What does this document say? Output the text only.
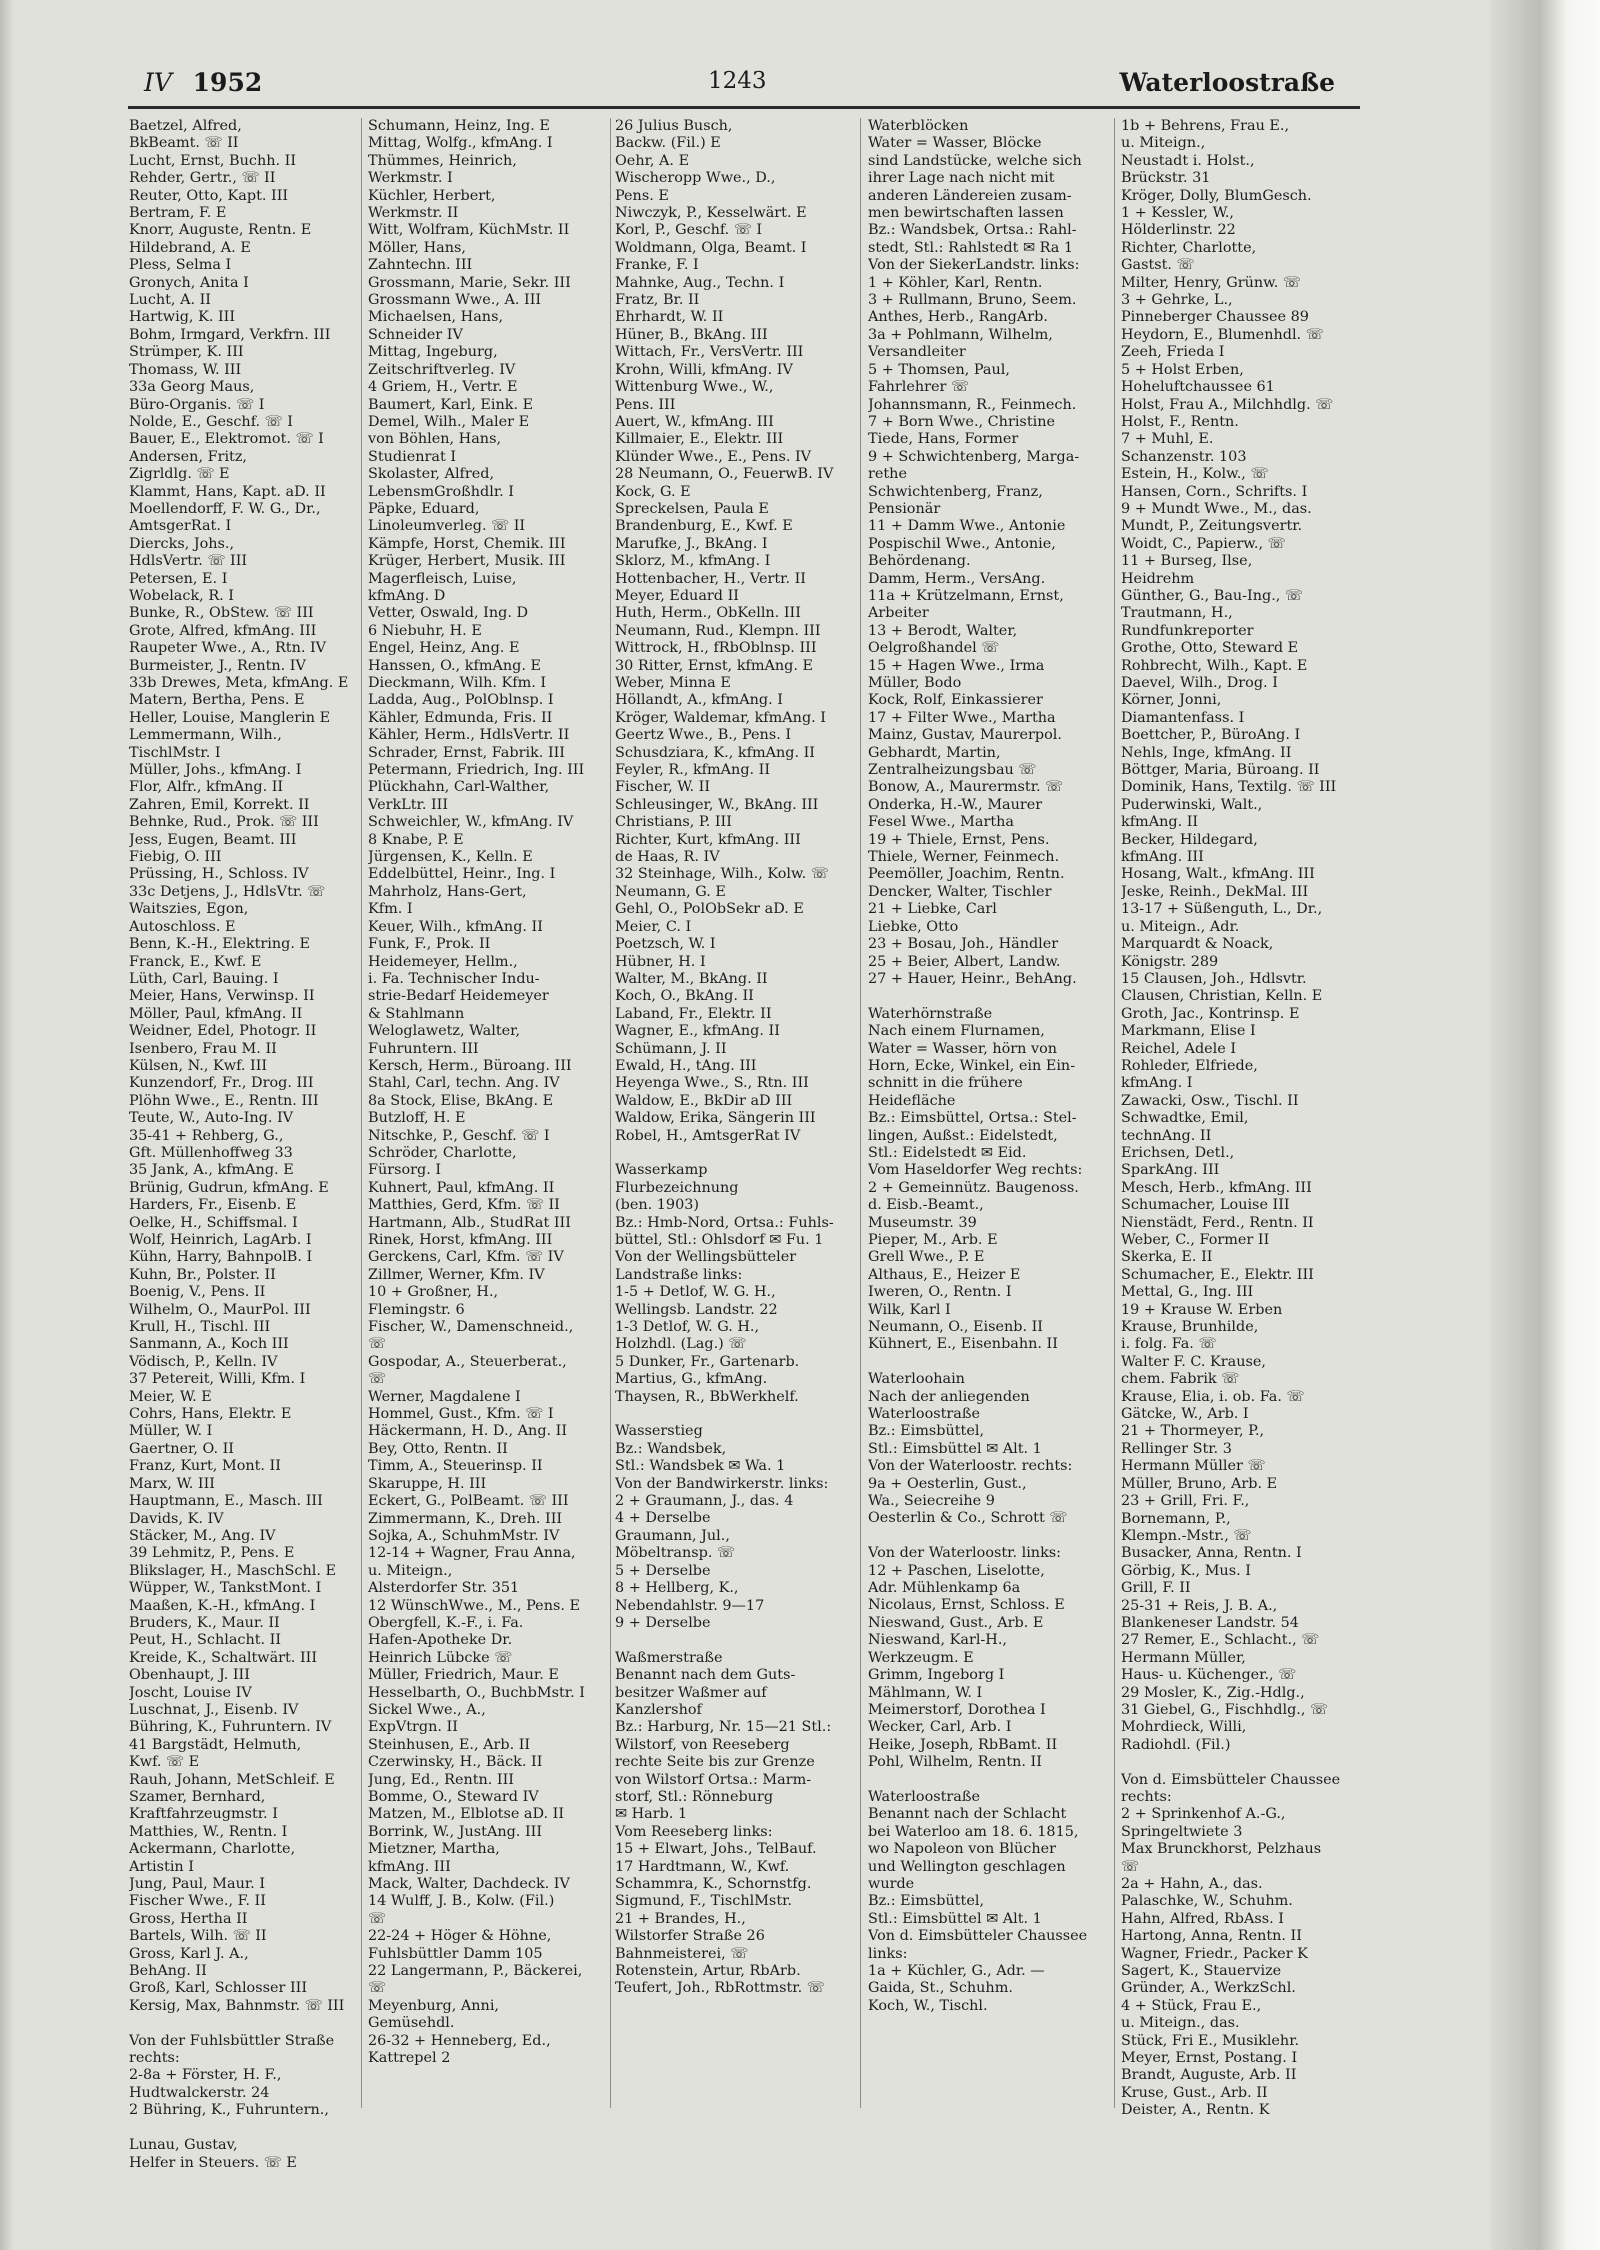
IV 1952	1243	Waterloostraße
Baetzel, Alfred,
BkBeamt. ☏ II
Lucht, Ernst, Buchh. II
Rehder, Gertr., ☏ II
Reuter, Otto, Kapt. III
Bertram, F. E
Knorr, Auguste, Rentn. E
Hildebrand, A. E
Pless, Selma I
Gronych, Anita I
Lucht, A. II
Hartwig, K. III
Bohm, Irmgard, Verkfrn. III
Strümper, K. III
Thomass, W. III
33a Georg Maus,
Büro-Organis. ☏ I
Nolde, E., Geschf. ☏ I
Bauer, E., Elektromot. ☏ I
Andersen, Fritz,
Zigrldlg. ☏ E
Klammt, Hans, Kapt. aD. II
Moellendorff, F. W. G., Dr.,
AmtsgerRat. I
Diercks, Johs.,
HdlsVertr. ☏ III
Petersen, E. I
Wobelack, R. I
Bunke, R., ObStew. ☏ III
Grote, Alfred, kfmAng. III
Raupeter Wwe., A., Rtn. IV
Burmeister, J., Rentn. IV
33b Drewes, Meta, kfmAng. E
Matern, Bertha, Pens. E
Heller, Louise, Manglerin E
Lemmermann, Wilh.,
TischlMstr. I
Müller, Johs., kfmAng. I
Flor, Alfr., kfmAng. II
Zahren, Emil, Korrekt. II
Behnke, Rud., Prok. ☏ III
Jess, Eugen, Beamt. III
Fiebig, O. III
Prüssing, H., Schloss. IV
33c Detjens, J., HdlsVtr. ☏
Waitszies, Egon,
Autoschloss. E
Benn, K.-H., Elektring. E
Franck, E., Kwf. E
Lüth, Carl, Bauing. I
Meier, Hans, Verwinsp. II
Möller, Paul, kfmAng. II
Weidner, Edel, Photogr. II
Isenbero, Frau M. II
Külsen, N., Kwf. III
Kunzendorf, Fr., Drog. III
Plöhn Wwe., E., Rentn. III
Teute, W., Auto-Ing. IV
35-41 + Rehberg, G.,
Gft. Müllenhoffweg 33
35 Jank, A., kfmAng. E
Brünig, Gudrun, kfmAng. E
Harders, Fr., Eisenb. E
Oelke, H., Schiffsmal. I
Wolf, Heinrich, LagArb. I
Kühn, Harry, BahnpolB. I
Kuhn, Br., Polster. II
Boenig, V., Pens. II
Wilhelm, O., MaurPol. III
Krull, H., Tischl. III
Sanmann, A., Koch III
Vödisch, P., Kelln. IV
37 Petereit, Willi, Kfm. I
Meier, W. E
Cohrs, Hans, Elektr. E
Müller, W. I
Gaertner, O. II
Franz, Kurt, Mont. II
Marx, W. III
Hauptmann, E., Masch. III
Davids, K. IV
Stäcker, M., Ang. IV
39 Lehmitz, P., Pens. E
Blikslager, H., MaschSchl. E
Wüpper, W., TankstMont. I
Maaßen, K.-H., kfmAng. I
Bruders, K., Maur. II
Peut, H., Schlacht. II
Kreide, K., Schaltwärt. III
Obenhaupt, J. III
Joscht, Louise IV
Luschnat, J., Eisenb. IV
Bühring, K., Fuhruntern. IV
41 Bargstädt, Helmuth,
Kwf. ☏ E
Rauh, Johann, MetSchleif. E
Szamer, Bernhard,
Kraftfahrzeugmstr. I
Matthies, W., Rentn. I
Ackermann, Charlotte,
Artistin I
Jung, Paul, Maur. I
Fischer Wwe., F. II
Gross, Hertha II
Bartels, Wilh. ☏ II
Gross, Karl J. A.,
BehAng. II
Groß, Karl, Schlosser III
Kersig, Max, Bahnmstr. ☏ III
Von der Fuhlsbüttler Straße
rechts:
2-8a + Förster, H. F.,
Hudtwalckerstr. 24
2 Bühring, K., Fuhruntern.,
Lunau, Gustav,
Helfer in Steuers. ☏ E
Schumann, Heinz, Ing. E
Mittag, Wolfg., kfmAng. I
Thümmes, Heinrich,
Werkmstr. I
Küchler, Herbert,
Werkmstr. II
Witt, Wolfram, KüchMstr. II
Möller, Hans,
Zahntechn. III
Grossmann, Marie, Sekr. III
Grossmann Wwe., A. III
Michaelsen, Hans,
Schneider IV
Mittag, Ingeburg,
Zeitschriftverleg. IV
4 Griem, H., Vertr. E
Baumert, Karl, Eink. E
Demel, Wilh., Maler E
von Böhlen, Hans,
Studienrat I
Skolaster, Alfred,
LebensmGroßhdlr. I
Päpke, Eduard,
Linoleumverleg. ☏ II
Kämpfe, Horst, Chemik. III
Krüger, Herbert, Musik. III
Magerfleisch, Luise,
kfmAng. D
Vetter, Oswald, Ing. D
6 Niebuhr, H. E
Engel, Heinz, Ang. E
Hanssen, O., kfmAng. E
Dieckmann, Wilh. Kfm. I
Ladda, Aug., PolOblnsp. I
Kähler, Edmunda, Fris. II
Kähler, Herm., HdlsVertr. II
Schrader, Ernst, Fabrik. III
Petermann, Friedrich, Ing. III
Plückhahn, Carl-Walther,
VerkLtr. III
Schweichler, W., kfmAng. IV
8 Knabe, P. E
Jürgensen, K., Kelln. E
Eddelbüttel, Heinr., Ing. I
Mahrholz, Hans-Gert,
Kfm. I
Keuer, Wilh., kfmAng. II
Funk, F., Prok. II
Heidemeyer, Hellm.,
i. Fa. Technischer Indu-
strie-Bedarf Heidemeyer
& Stahlmann
Weloglawetz, Walter,
Fuhruntern. III
Kersch, Herm., Büroang. III
Stahl, Carl, techn. Ang. IV
8a Stock, Elise, BkAng. E
Butzloff, H. E
Nitschke, P., Geschf. ☏ I
Schröder, Charlotte,
Fürsorg. I
Kuhnert, Paul, kfmAng. II
Matthies, Gerd, Kfm. ☏ II
Hartmann, Alb., StudRat III
Rinek, Horst, kfmAng. III
Gerckens, Carl, Kfm. ☏ IV
Zillmer, Werner, Kfm. IV
10 + Großner, H.,
Flemingstr. 6
Fischer, W., Damenschneid.,
☏
Gospodar, A., Steuerberat.,
☏
Werner, Magdalene I
Hommel, Gust., Kfm. ☏ I
Häckermann, H. D., Ang. II
Bey, Otto, Rentn. II
Timm, A., Steuerinsp. II
Skaruppe, H. III
Eckert, G., PolBeamt. ☏ III
Zimmermann, K., Dreh. III
Sojka, A., SchuhmMstr. IV
12-14 + Wagner, Frau Anna,
u. Miteign.,
Alsterdorfer Str. 351
12 WünschWwe., M., Pens. E
Obergfell, K.-F., i. Fa.
Hafen-Apotheke Dr.
Heinrich Lübcke ☏
Müller, Friedrich, Maur. E
Hesselbarth, O., BuchbMstr. I
Sickel Wwe., A.,
ExpVtrgn. II
Steinhusen, E., Arb. II
Czerwinsky, H., Bäck. II
Jung, Ed., Rentn. III
Bomme, O., Steward IV
Matzen, M., Elblotse aD. II
Borrink, W., JustAng. III
Mietzner, Martha,
kfmAng. III
Mack, Walter, Dachdeck. IV
14 Wulff, J. B., Kolw. (Fil.)
☏
22-24 + Höger & Höhne,
Fuhlsbüttler Damm 105
22 Langermann, P., Bäckerei,
☏
Meyenburg, Anni,
Gemüsehdl.
26-32 + Henneberg, Ed.,
Kattrepel 2
26 Julius Busch,
Backw. (Fil.) E
Oehr, A. E
Wischeropp Wwe., D.,
Pens. E
Niwczyk, P., Kesselwärt. E
Korl, P., Geschf. ☏ I
Woldmann, Olga, Beamt. I
Franke, F. I
Mahnke, Aug., Techn. I
Fratz, Br. II
Ehrhardt, W. II
Hüner, B., BkAng. III
Wittach, Fr., VersVertr. III
Krohn, Willi, kfmAng. IV
Wittenburg Wwe., W.,
Pens. III
Auert, W., kfmAng. III
Killmaier, E., Elektr. III
Klünder Wwe., E., Pens. IV
28 Neumann, O., FeuerwB. IV
Kock, G. E
Spreckelsen, Paula E
Brandenburg, E., Kwf. E
Marufke, J., BkAng. I
Sklorz, M., kfmAng. I
Hottenbacher, H., Vertr. II
Meyer, Eduard II
Huth, Herm., ObKelln. III
Neumann, Rud., Klempn. III
Wittrock, H., fRbOblnsp. III
30 Ritter, Ernst, kfmAng. E
Weber, Minna E
Höllandt, A., kfmAng. I
Kröger, Waldemar, kfmAng. I
Geertz Wwe., B., Pens. I
Schusdziara, K., kfmAng. II
Feyler, R., kfmAng. II
Fischer, W. II
Schleusinger, W., BkAng. III
Christians, P. III
Richter, Kurt, kfmAng. III
de Haas, R. IV
32 Steinhage, Wilh., Kolw. ☏
Neumann, G. E
Gehl, O., PolObSekr aD. E
Meier, C. I
Poetzsch, W. I
Hübner, H. I
Walter, M., BkAng. II
Koch, O., BkAng. II
Laband, Fr., Elektr. II
Wagner, E., kfmAng. II
Schümann, J. II
Ewald, H., tAng. III
Heyenga Wwe., S., Rtn. III
Waldow, E., BkDir aD III
Waldow, Erika, Sängerin III
Robel, H., AmtsgerRat IV
Wasserkamp
Flurbezeichnung
(ben. 1903)
Bz.: Hmb-Nord, Ortsa.: Fuhls-
büttel, Stl.: Ohlsdorf ✉ Fu. 1
Von der Wellingsbütteler
Landstraße links:
1-5 + Detlof, W. G. H.,
Wellingsb. Landstr. 22
1-3 Detlof, W. G. H.,
Holzhdl. (Lag.) ☏
5 Dunker, Fr., Gartenarb.
Martius, G., kfmAng.
Thaysen, R., BbWerkhelf.
Wasserstieg
Bz.: Wandsbek,
Stl.: Wandsbek ✉ Wa. 1
Von der Bandwirkerstr. links:
2 + Graumann, J., das. 4
4 + Derselbe
Graumann, Jul.,
Möbeltransp. ☏
5 + Derselbe
8 + Hellberg, K.,
Nebendahlstr. 9—17
9 + Derselbe
Waßmerstraße
Benannt nach dem Guts-
besitzer Waßmer auf
Kanzlershof
Bz.: Harburg, Nr. 15—21 Stl.:
Wilstorf, von Reeseberg
rechte Seite bis zur Grenze
von Wilstorf Ortsa.: Marm-
storf, Stl.: Rönneburg
✉ Harb. 1
Vom Reeseberg links:
15 + Elwart, Johs., TelBauf.
17 Hardtmann, W., Kwf.
Schammra, K., Schornstfg.
Sigmund, F., TischlMstr.
21 + Brandes, H.,
Wilstorfer Straße 26
Bahnmeisterei, ☏
Rotenstein, Artur, RbArb.
Teufert, Joh., RbRottmstr. ☏
Waterblöcken
Water = Wasser, Blöcke
sind Landstücke, welche sich
ihrer Lage nach nicht mit
anderen Ländereien zusam-
men bewirtschaften lassen
Bz.: Wandsbek, Ortsa.: Rahl-
stedt, Stl.: Rahlstedt ✉ Ra 1
Von der SiekerLandstr. links:
1 + Köhler, Karl, Rentn.
3 + Rullmann, Bruno, Seem.
Anthes, Herb., RangArb.
3a + Pohlmann, Wilhelm,
Versandleiter
5 + Thomsen, Paul,
Fahrlehrer ☏
Johannsmann, R., Feinmech.
7 + Born Wwe., Christine
Tiede, Hans, Former
9 + Schwichtenberg, Marga-
rethe
Schwichtenberg, Franz,
Pensionär
11 + Damm Wwe., Antonie
Pospischil Wwe., Antonie,
Behördenang.
Damm, Herm., VersAng.
11a + Krützelmann, Ernst,
Arbeiter
13 + Berodt, Walter,
Oelgroßhandel ☏
15 + Hagen Wwe., Irma
Müller, Bodo
Kock, Rolf, Einkassierer
17 + Filter Wwe., Martha
Mainz, Gustav, Maurerpol.
Gebhardt, Martin,
Zentralheizungsbau ☏
Bonow, A., Maurermstr. ☏
Onderka, H.-W., Maurer
Fesel Wwe., Martha
19 + Thiele, Ernst, Pens.
Thiele, Werner, Feinmech.
Peemöller, Joachim, Rentn.
Dencker, Walter, Tischler
21 + Liebke, Carl
Liebke, Otto
23 + Bosau, Joh., Händler
25 + Beier, Albert, Landw.
27 + Hauer, Heinr., BehAng.
Waterhörnstraße
Nach einem Flurnamen,
Water = Wasser, hörn von
Horn, Ecke, Winkel, ein Ein-
schnitt in die frühere
Heidefläche
Bz.: Eimsbüttel, Ortsa.: Stel-
lingen, Außst.: Eidelstedt,
Stl.: Eidelstedt ✉ Eid.
Vom Haseldorfer Weg rechts:
2 + Gemeinnütz. Baugenoss.
d. Eisb.-Beamt.,
Museumstr. 39
Pieper, M., Arb. E
Grell Wwe., P. E
Althaus, E., Heizer E
Iweren, O., Rentn. I
Wilk, Karl I
Neumann, O., Eisenb. II
Kühnert, E., Eisenbahn. II
Waterloohain
Nach der anliegenden
Waterloostraße
Bz.: Eimsbüttel,
Stl.: Eimsbüttel ✉ Alt. 1
Von der Waterloostr. rechts:
9a + Oesterlin, Gust.,
Wa., Seiecreihe 9
Oesterlin & Co., Schrott ☏
Von der Waterloostr. links:
12 + Paschen, Liselotte,
Adr. Mühlenkamp 6a
Nicolaus, Ernst, Schloss. E
Nieswand, Gust., Arb. E
Nieswand, Karl-H.,
Werkzeugm. E
Grimm, Ingeborg I
Mählmann, W. I
Meimerstorf, Dorothea I
Wecker, Carl, Arb. I
Heike, Joseph, RbBamt. II
Pohl, Wilhelm, Rentn. II
Waterloostraße
Benannt nach der Schlacht
bei Waterloo am 18. 6. 1815,
wo Napoleon von Blücher
und Wellington geschlagen
wurde
Bz.: Eimsbüttel,
Stl.: Eimsbüttel ✉ Alt. 1
Von d. Eimsbütteler Chaussee
links:
1a + Küchler, G., Adr. —
Gaida, St., Schuhm.
Koch, W., Tischl.
1b + Behrens, Frau E.,
u. Miteign.,
Neustadt i. Holst.,
Brückstr. 31
Kröger, Dolly, BlumGesch.
1 + Kessler, W.,
Hölderlinstr. 22
Richter, Charlotte,
Gastst. ☏
Milter, Henry, Grünw. ☏
3 + Gehrke, L.,
Pinneberger Chaussee 89
Heydorn, E., Blumenhdl. ☏
Zeeh, Frieda I
5 + Holst Erben,
Hoheluftchaussee 61
Holst, Frau A., Milchhdlg. ☏
Holst, F., Rentn.
7 + Muhl, E.
Schanzenstr. 103
Estein, H., Kolw., ☏
Hansen, Corn., Schrifts. I
9 + Mundt Wwe., M., das.
Mundt, P., Zeitungsvertr.
Woidt, C., Papierw., ☏
11 + Burseg, Ilse,
Heidrehm
Günther, G., Bau-Ing., ☏
Trautmann, H.,
Rundfunkreporter
Grothe, Otto, Steward E
Rohbrecht, Wilh., Kapt. E
Daevel, Wilh., Drog. I
Körner, Jonni,
Diamantenfass. I
Boettcher, P., BüroAng. I
Nehls, Inge, kfmAng. II
Böttger, Maria, Büroang. II
Dominik, Hans, Textilg. ☏ III
Puderwinski, Walt.,
kfmAng. II
Becker, Hildegard,
kfmAng. III
Hosang, Walt., kfmAng. III
Jeske, Reinh., DekMal. III
13-17 + Süßenguth, L., Dr.,
u. Miteign., Adr.
Marquardt & Noack,
Königstr. 289
15 Clausen, Joh., Hdlsvtr.
Clausen, Christian, Kelln. E
Groth, Jac., Kontrinsp. E
Markmann, Elise I
Reichel, Adele I
Rohleder, Elfriede,
kfmAng. I
Zawacki, Osw., Tischl. II
Schwadtke, Emil,
technAng. II
Erichsen, Detl.,
SparkAng. III
Mesch, Herb., kfmAng. III
Schumacher, Louise III
Nienstädt, Ferd., Rentn. II
Weber, C., Former II
Skerka, E. II
Schumacher, E., Elektr. III
Mettal, G., Ing. III
19 + Krause W. Erben
Krause, Brunhilde,
i. folg. Fa. ☏
Walter F. C. Krause,
chem. Fabrik ☏
Krause, Elia, i. ob. Fa. ☏
Gätcke, W., Arb. I
21 + Thormeyer, P.,
Rellinger Str. 3
Hermann Müller ☏
Müller, Bruno, Arb. E
23 + Grill, Fri. F.,
Bornemann, P.,
Klempn.-Mstr., ☏
Busacker, Anna, Rentn. I
Görbig, K., Mus. I
Grill, F. II
25-31 + Reis, J. B. A.,
Blankeneser Landstr. 54
27 Remer, E., Schlacht., ☏
Hermann Müller,
Haus- u. Küchenger., ☏
29 Mosler, K., Zig.-Hdlg.,
31 Giebel, G., Fischhdlg., ☏
Mohrdieck, Willi,
Radiohdl. (Fil.)
Von d. Eimsbütteler Chaussee
rechts:
2 + Sprinkenhof A.-G.,
Springeltwiete 3
Max Brunckhorst, Pelzhaus
☏
2a + Hahn, A., das.
Palaschke, W., Schuhm.
Hahn, Alfred, RbAss. I
Hartong, Anna, Rentn. II
Wagner, Friedr., Packer K
Sagert, K., Stauervize
Gründer, A., WerkzSchl.
4 + Stück, Frau E.,
u. Miteign., das.
Stück, Fri E., Musiklehr.
Meyer, Ernst, Postang. I
Brandt, Auguste, Arb. II
Kruse, Gust., Arb. II
Deister, A., Rentn. K
